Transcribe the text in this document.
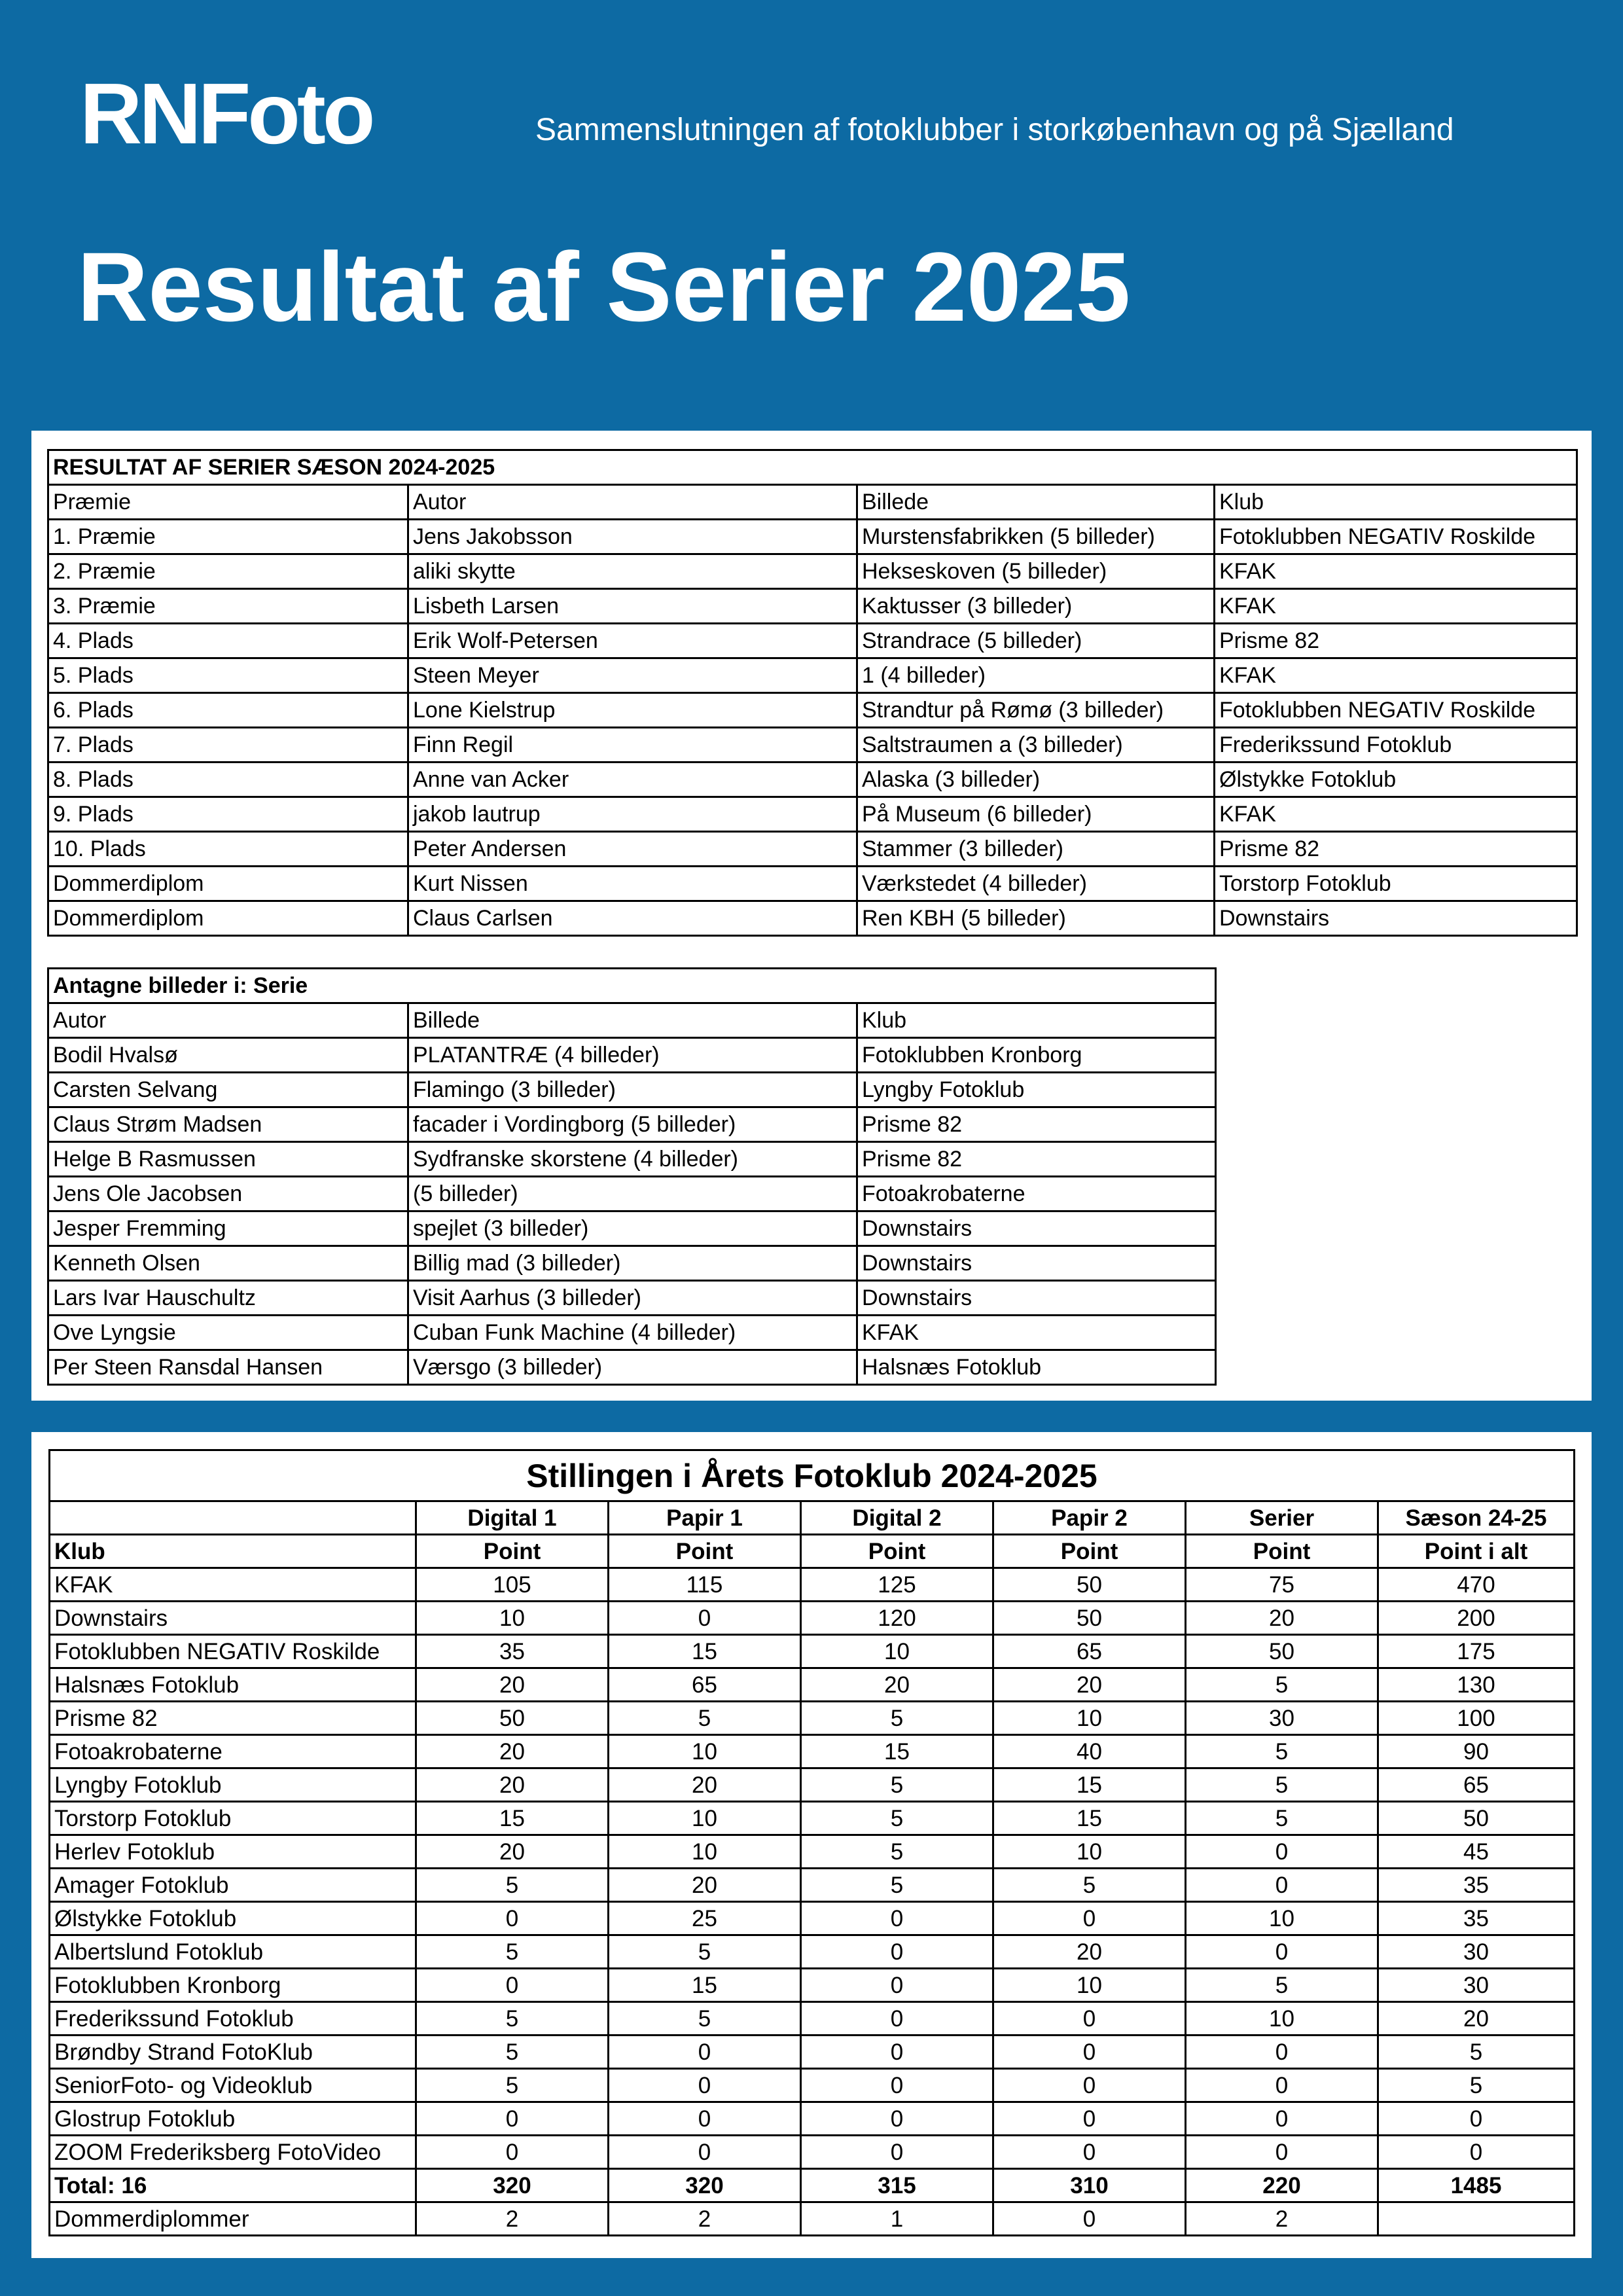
RNFoto	Sammenslutningen af fotoklubber i storkøbenhavn og på Sjælland
Resultat af Serier 2025
RESULTAT AF SERIER SÆSON 2024-2025			
Præmie	Autor	Billede	Klub
1. Præmie	Jens Jakobsson	Murstensfabrikken (5 billeder)	Fotoklubben NEGATIV Roskilde
2. Præmie	aliki skytte	Hekseskoven (5 billeder)	KFAK
3. Præmie	Lisbeth Larsen	Kaktusser (3 billeder)	KFAK
4. Plads	Erik Wolf-Petersen	Strandrace (5 billeder)	Prisme 82
5. Plads	Steen Meyer	1 (4 billeder)	KFAK
6. Plads	Lone Kielstrup	Strandtur på Rømø (3 billeder)	Fotoklubben NEGATIV Roskilde
7. Plads	Finn Regil	Saltstraumen a (3 billeder)	Frederikssund Fotoklub
8. Plads	Anne van Acker	Alaska (3 billeder)	Ølstykke Fotoklub
9. Plads	jakob lautrup	På Museum (6 billeder)	KFAK
10. Plads	Peter Andersen	Stammer (3 billeder)	Prisme 82
Dommerdiplom	Kurt Nissen	Værkstedet (4 billeder)	Torstorp Fotoklub
Dommerdiplom	Claus Carlsen	Ren KBH (5 billeder)	Downstairs
Antagne billeder i: Serie		
Autor	Billede	Klub
Bodil Hvalsø	PLATANTRÆ (4 billeder)	Fotoklubben Kronborg
Carsten Selvang	Flamingo (3 billeder)	Lyngby Fotoklub
Claus Strøm Madsen	facader i Vordingborg (5 billeder)	Prisme 82
Helge B Rasmussen	Sydfranske skorstene (4 billeder)	Prisme 82
Jens Ole Jacobsen	(5 billeder)	Fotoakrobaterne
Jesper Fremming	spejlet (3 billeder)	Downstairs
Kenneth Olsen	Billig mad (3 billeder)	Downstairs
Lars Ivar Hauschultz	Visit Aarhus (3 billeder)	Downstairs
Ove Lyngsie	Cuban Funk Machine (4 billeder)	KFAK
Per Steen Ransdal Hansen	Værsgo (3 billeder)	Halsnæs Fotoklub
Stillingen i Årets Fotoklub 2024-2025						
	Digital 1	Papir 1	Digital 2	Papir 2	Serier	Sæson 24-25
Klub	Point	Point	Point	Point	Point	Point i alt
KFAK	105	115	125	50	75	470
Downstairs	10	0	120	50	20	200
Fotoklubben NEGATIV Roskilde	35	15	10	65	50	175
Halsnæs Fotoklub	20	65	20	20	5	130
Prisme 82	50	5	5	10	30	100
Fotoakrobaterne	20	10	15	40	5	90
Lyngby Fotoklub	20	20	5	15	5	65
Torstorp Fotoklub	15	10	5	15	5	50
Herlev Fotoklub	20	10	5	10	0	45
Amager Fotoklub	5	20	5	5	0	35
Ølstykke Fotoklub	0	25	0	0	10	35
Albertslund Fotoklub	5	5	0	20	0	30
Fotoklubben Kronborg	0	15	0	10	5	30
Frederikssund Fotoklub	5	5	0	0	10	20
Brøndby Strand FotoKlub	5	0	0	0	0	5
SeniorFoto- og Videoklub	5	0	0	0	0	5
Glostrup Fotoklub	0	0	0	0	0	0
ZOOM Frederiksberg FotoVideo	0	0	0	0	0	0
Total: 16	320	320	315	310	220	1485
Dommerdiplommer	2	2	1	0	2	
